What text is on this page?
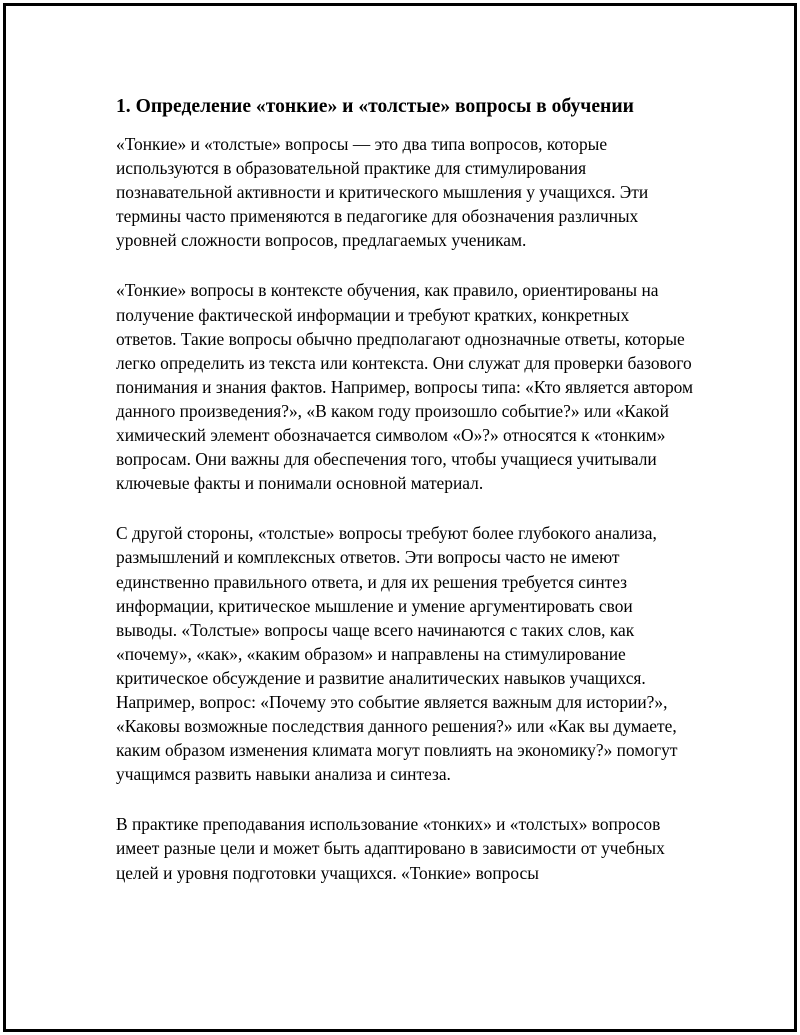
1. Определение «тонкие» и «толстые» вопросы в обучении

«Тонкие» и «толстые» вопросы — это два типа вопросов, которые используются в образовательной практике для стимулирования познавательной активности и критического мышления у учащихся. Эти термины часто применяются в педагогике для обозначения различных уровней сложности вопросов, предлагаемых ученикам.

«Тонкие» вопросы в контексте обучения, как правило, ориентированы на получение фактической информации и требуют кратких, конкретных ответов. Такие вопросы обычно предполагают однозначные ответы, которые легко определить из текста или контекста. Они служат для проверки базового понимания и знания фактов. Например, вопросы типа: «Кто является автором данного произведения?», «В каком году произошло событие?» или «Какой химический элемент обозначается символом «О»?» относятся к «тонким» вопросам. Они важны для обеспечения того, чтобы учащиеся учитывали ключевые факты и понимали основной материал.

С другой стороны, «толстые» вопросы требуют более глубокого анализа, размышлений и комплексных ответов. Эти вопросы часто не имеют единственно правильного ответа, и для их решения требуется синтез информации, критическое мышление и умение аргументировать свои выводы. «Толстые» вопросы чаще всего начинаются с таких слов, как «почему», «как», «каким образом» и направлены на стимулирование критическое обсуждение и развитие аналитических навыков учащихся. Например, вопрос: «Почему это событие является важным для истории?», «Каковы возможные последствия данного решения?» или «Как вы думаете, каким образом изменения климата могут повлиять на экономику?» помогут учащимся развить навыки анализа и синтеза.

В практике преподавания использование «тонких» и «толстых» вопросов имеет разные цели и может быть адаптировано в зависимости от учебных целей и уровня подготовки учащихся. «Тонкие» вопросы
